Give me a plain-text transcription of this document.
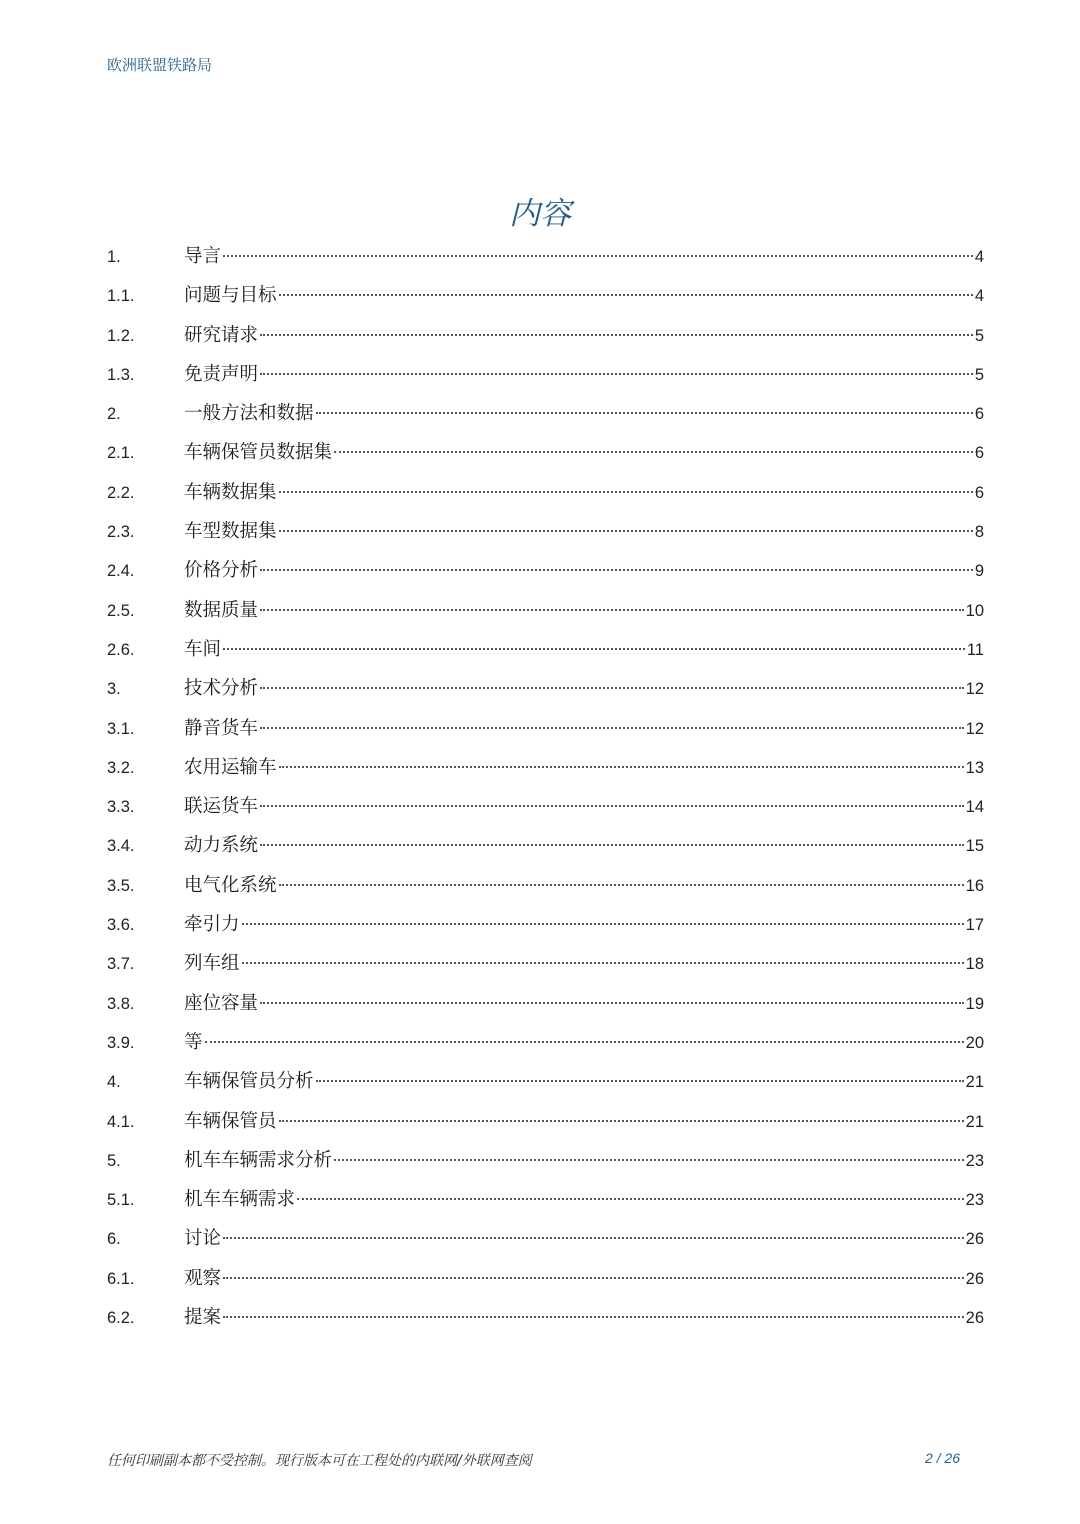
欧洲联盟铁路局
内容
1.	导言	4
1.1.	问题与目标	4
1.2.	研究请求	5
1.3.	免责声明	5
2.	一般方法和数据	6
2.1.	车辆保管员数据集	6
2.2.	车辆数据集	6
2.3.	车型数据集	8
2.4.	价格分析	9
2.5.	数据质量	10
2.6.	车间	11
3.	技术分析	12
3.1.	静音货车	12
3.2.	农用运输车	13
3.3.	联运货车	14
3.4.	动力系统	15
3.5.	电气化系统	16
3.6.	牵引力	17
3.7.	列车组	18
3.8.	座位容量	19
3.9.	等	20
4.	车辆保管员分析	21
4.1.	车辆保管员	21
5.	机车车辆需求分析	23
5.1.	机车车辆需求	23
6.	讨论	26
6.1.	观察	26
6.2.	提案	26
任何印刷副本都不受控制。现行版本可在工程处的内联网/外联网查阅	2 / 26
